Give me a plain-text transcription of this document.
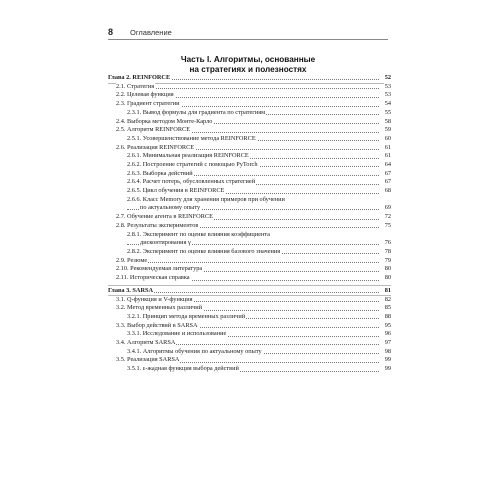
8 Оглавление
Часть I. Алгоритмы, основанные
на стратегиях и полезностях
Глава 2. REINFORCE	52
2.1. Стратегия	53
2.2. Целевая функция	53
2.3. Градиент стратегии	54
2.3.1. Вывод формулы для градиента по стратегиям	55
2.4. Выборка методом Монте-Карло	58
2.5. Алгоритм REINFORCE	59
2.5.1. Усовершенствование метода REINFORCE	60
2.6. Реализация REINFORCE	61
2.6.1. Минимальная реализация REINFORCE	61
2.6.2. Построение стратегий с помощью PyTorch	64
2.6.3. Выборка действий	67
2.6.4. Расчет потерь, обусловленных стратегией	67
2.6.5. Цикл обучения в REINFORCE	68
2.6.6. Класс Memory для хранения примеров при обучении
по актуальному опыту	69
2.7. Обучение агента в REINFORCE	72
2.8. Результаты экспериментов	75
2.8.1. Эксперимент по оценке влияния коэффициента
дисконтирования γ	76
2.8.2. Эксперимент по оценке влияния базового значения	78
2.9. Резюме	79
2.10. Рекомендуемая литература	80
2.11. Историческая справка	80
Глава 3. SARSA	81
3.1. Q-функция и V-функция	82
3.2. Метод временных различий	85
3.2.1. Принцип метода временных различий	88
3.3. Выбор действий в SARSA	95
3.3.1. Исследование и использование	96
3.4. Алгоритм SARSA	97
3.4.1. Алгоритмы обучения по актуальному опыту	98
3.5. Реализация SARSA	99
3.5.1. ε-жадная функция выбора действий	99
